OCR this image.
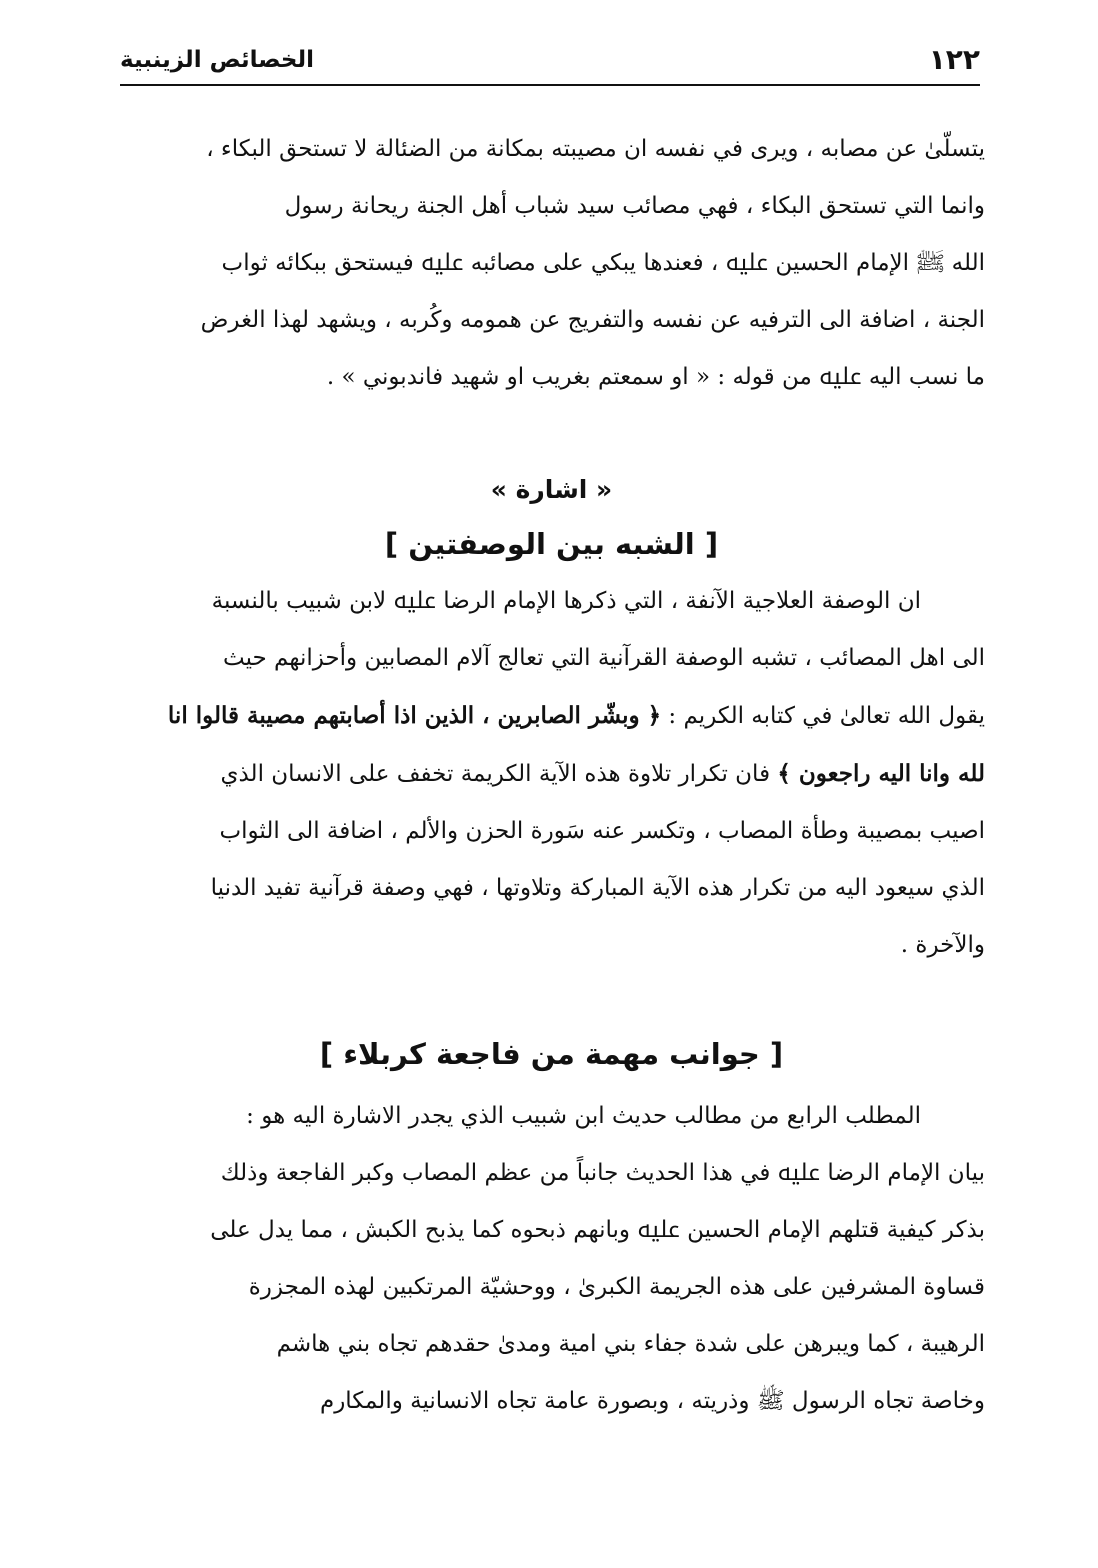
١٢٢
الخصائص الزينبية

يتسلّىٰ عن مصابه ، ويرى في نفسه ان مصيبته بمكانة من الضئالة لا تستحق البكاء ،
وانما التي تستحق البكاء ، فهي مصائب سيد شباب أهل الجنة ريحانة رسول
الله ﷺ الإمام الحسين ﷷ ، فعندها يبكي على مصائبه ﷷ فيستحق ببكائه ثواب
الجنة ، اضافة الى الترفيه عن نفسه والتفريج عن همومه وكُربه ، ويشهد لهذا الغرض
ما نسب اليه ﷷ من قوله : « او سمعتم بغريب او شهيد فاندبوني » .

« اشارة »
[ الشبه بين الوصفتين ]

ان الوصفة العلاجية الآنفة ، التي ذكرها الإمام الرضا ﷷ لابن شبيب بالنسبة
الى اهل المصائب ، تشبه الوصفة القرآنية التي تعالج آلام المصابين وأحزانهم حيث
يقول الله تعالىٰ في كتابه الكريم : ﴿ وبشّر الصابرين ، الذين اذا أصابتهم مصيبة قالوا انا
لله وانا اليه راجعون ﴾ فان تكرار تلاوة هذه الآية الكريمة تخفف على الانسان الذي
اصيب بمصيبة وطأة المصاب ، وتكسر عنه سَورة الحزن والألم ، اضافة الى الثواب
الذي سيعود اليه من تكرار هذه الآية المباركة وتلاوتها ، فهي وصفة قرآنية تفيد الدنيا
والآخرة .

[ جوانب مهمة من فاجعة كربلاء ]

المطلب الرابع من مطالب حديث ابن شبيب الذي يجدر الاشارة اليه هو :
بيان الإمام الرضا ﷷ في هذا الحديث جانباً من عظم المصاب وكبر الفاجعة وذلك
بذكر كيفية قتلهم الإمام الحسين ﷷ وبانهم ذبحوه كما يذبح الكبش ، مما يدل على
قساوة المشرفين على هذه الجريمة الكبرىٰ ، ووحشيّة المرتكبين لهذه المجزرة
الرهيبة ، كما ويبرهن على شدة جفاء بني امية ومدىٰ حقدهم تجاه بني هاشم
وخاصة تجاه الرسول ﷺ وذريته ، وبصورة عامة تجاه الانسانية والمكارم
